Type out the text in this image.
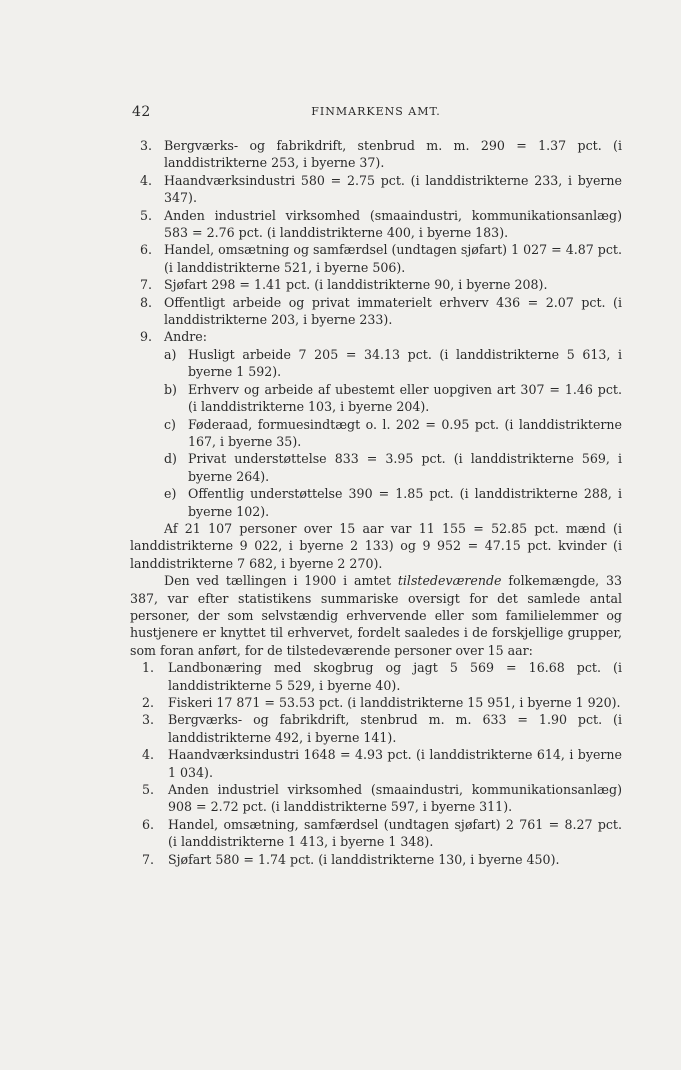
42	FINMARKENS AMT.
3. Bergværks- og fabrikdrift, stenbrud m. m. 290 = 1.37 pct. (i landdistrikterne 253, i byerne 37).
4. Haandværksindustri 580 = 2.75 pct. (i landdistrikterne 233, i byerne 347).
5. Anden industriel virksomhed (smaaindustri, kommunikationsanlæg) 583 = 2.76 pct. (i landdistrikterne 400, i byerne 183).
6. Handel, omsætning og samfærdsel (undtagen sjøfart) 1 027 = 4.87 pct. (i landdistrikterne 521, i byerne 506).
7. Sjøfart 298 = 1.41 pct. (i landdistrikterne 90, i byerne 208).
8. Offentligt arbeide og privat immaterielt erhverv 436 = 2.07 pct. (i landdistrikterne 203, i byerne 233).
9. Andre:
a) Husligt arbeide 7 205 = 34.13 pct. (i landdistrikterne 5 613, i byerne 1 592).
b) Erhverv og arbeide af ubestemt eller uopgiven art 307 = 1.46 pct. (i landdistrikterne 103, i byerne 204).
c) Føderaad, formuesindtægt o. l. 202 = 0.95 pct. (i landdistrikterne 167, i byerne 35).
d) Privat understøttelse 833 = 3.95 pct. (i landdistrikterne 569, i byerne 264).
e) Offentlig understøttelse 390 = 1.85 pct. (i landdistrikterne 288, i byerne 102).
Af 21 107 personer over 15 aar var 11 155 = 52.85 pct. mænd (i landdistrikterne 9 022, i byerne 2 133) og 9 952 = 47.15 pct. kvinder (i landdistrikterne 7 682, i byerne 2 270).
Den ved tællingen i 1900 i amtet tilstedeværende folkemængde, 33 387, var efter statistikens summariske oversigt for det samlede antal personer, der som selvstændig erhvervende eller som familielemmer og hustjenere er knyttet til erhvervet, fordelt saaledes i de forskjellige grupper, som foran anført, for de tilstedeværende personer over 15 aar:
1. Landbonæring med skogbrug og jagt 5 569 = 16.68 pct. (i landdistrikterne 5 529, i byerne 40).
2. Fiskeri 17 871 = 53.53 pct. (i landdistrikterne 15 951, i byerne 1 920).
3. Bergværks- og fabrikdrift, stenbrud m. m. 633 = 1.90 pct. (i landdistrikterne 492, i byerne 141).
4. Haandværksindustri 1648 = 4.93 pct. (i landdistrikterne 614, i byerne 1 034).
5. Anden industriel virksomhed (smaaindustri, kommunikationsanlæg) 908 = 2.72 pct. (i landdistrikterne 597, i byerne 311).
6. Handel, omsætning, samfærdsel (undtagen sjøfart) 2 761 = 8.27 pct. (i landdistrikterne 1 413, i byerne 1 348).
7. Sjøfart 580 = 1.74 pct. (i landdistrikterne 130, i byerne 450).
